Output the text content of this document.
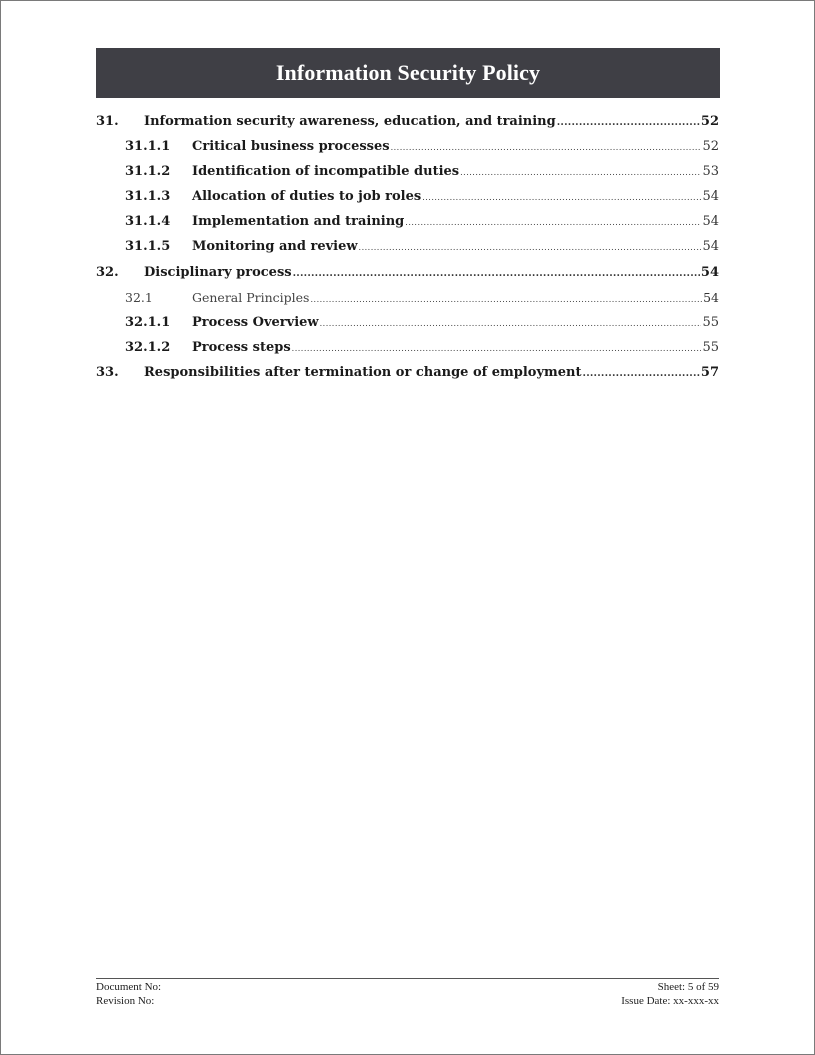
Information Security Policy
31.	Information security awareness, education, and training .....	52
31.1.1	Critical business processes .....	52
31.1.2	Identification of incompatible duties .....	53
31.1.3	Allocation of duties to job roles .....	54
31.1.4	Implementation and training .....	54
31.1.5	Monitoring and review .....	54
32.	Disciplinary process .....	54
32.1	General Principles .....	54
32.1.1	Process Overview .....	55
32.1.2	Process steps .....	55
33.	Responsibilities after termination or change of employment .....	57
Document No:	Sheet: 5 of 59
Revision No:	Issue Date: xx-xxx-xx
